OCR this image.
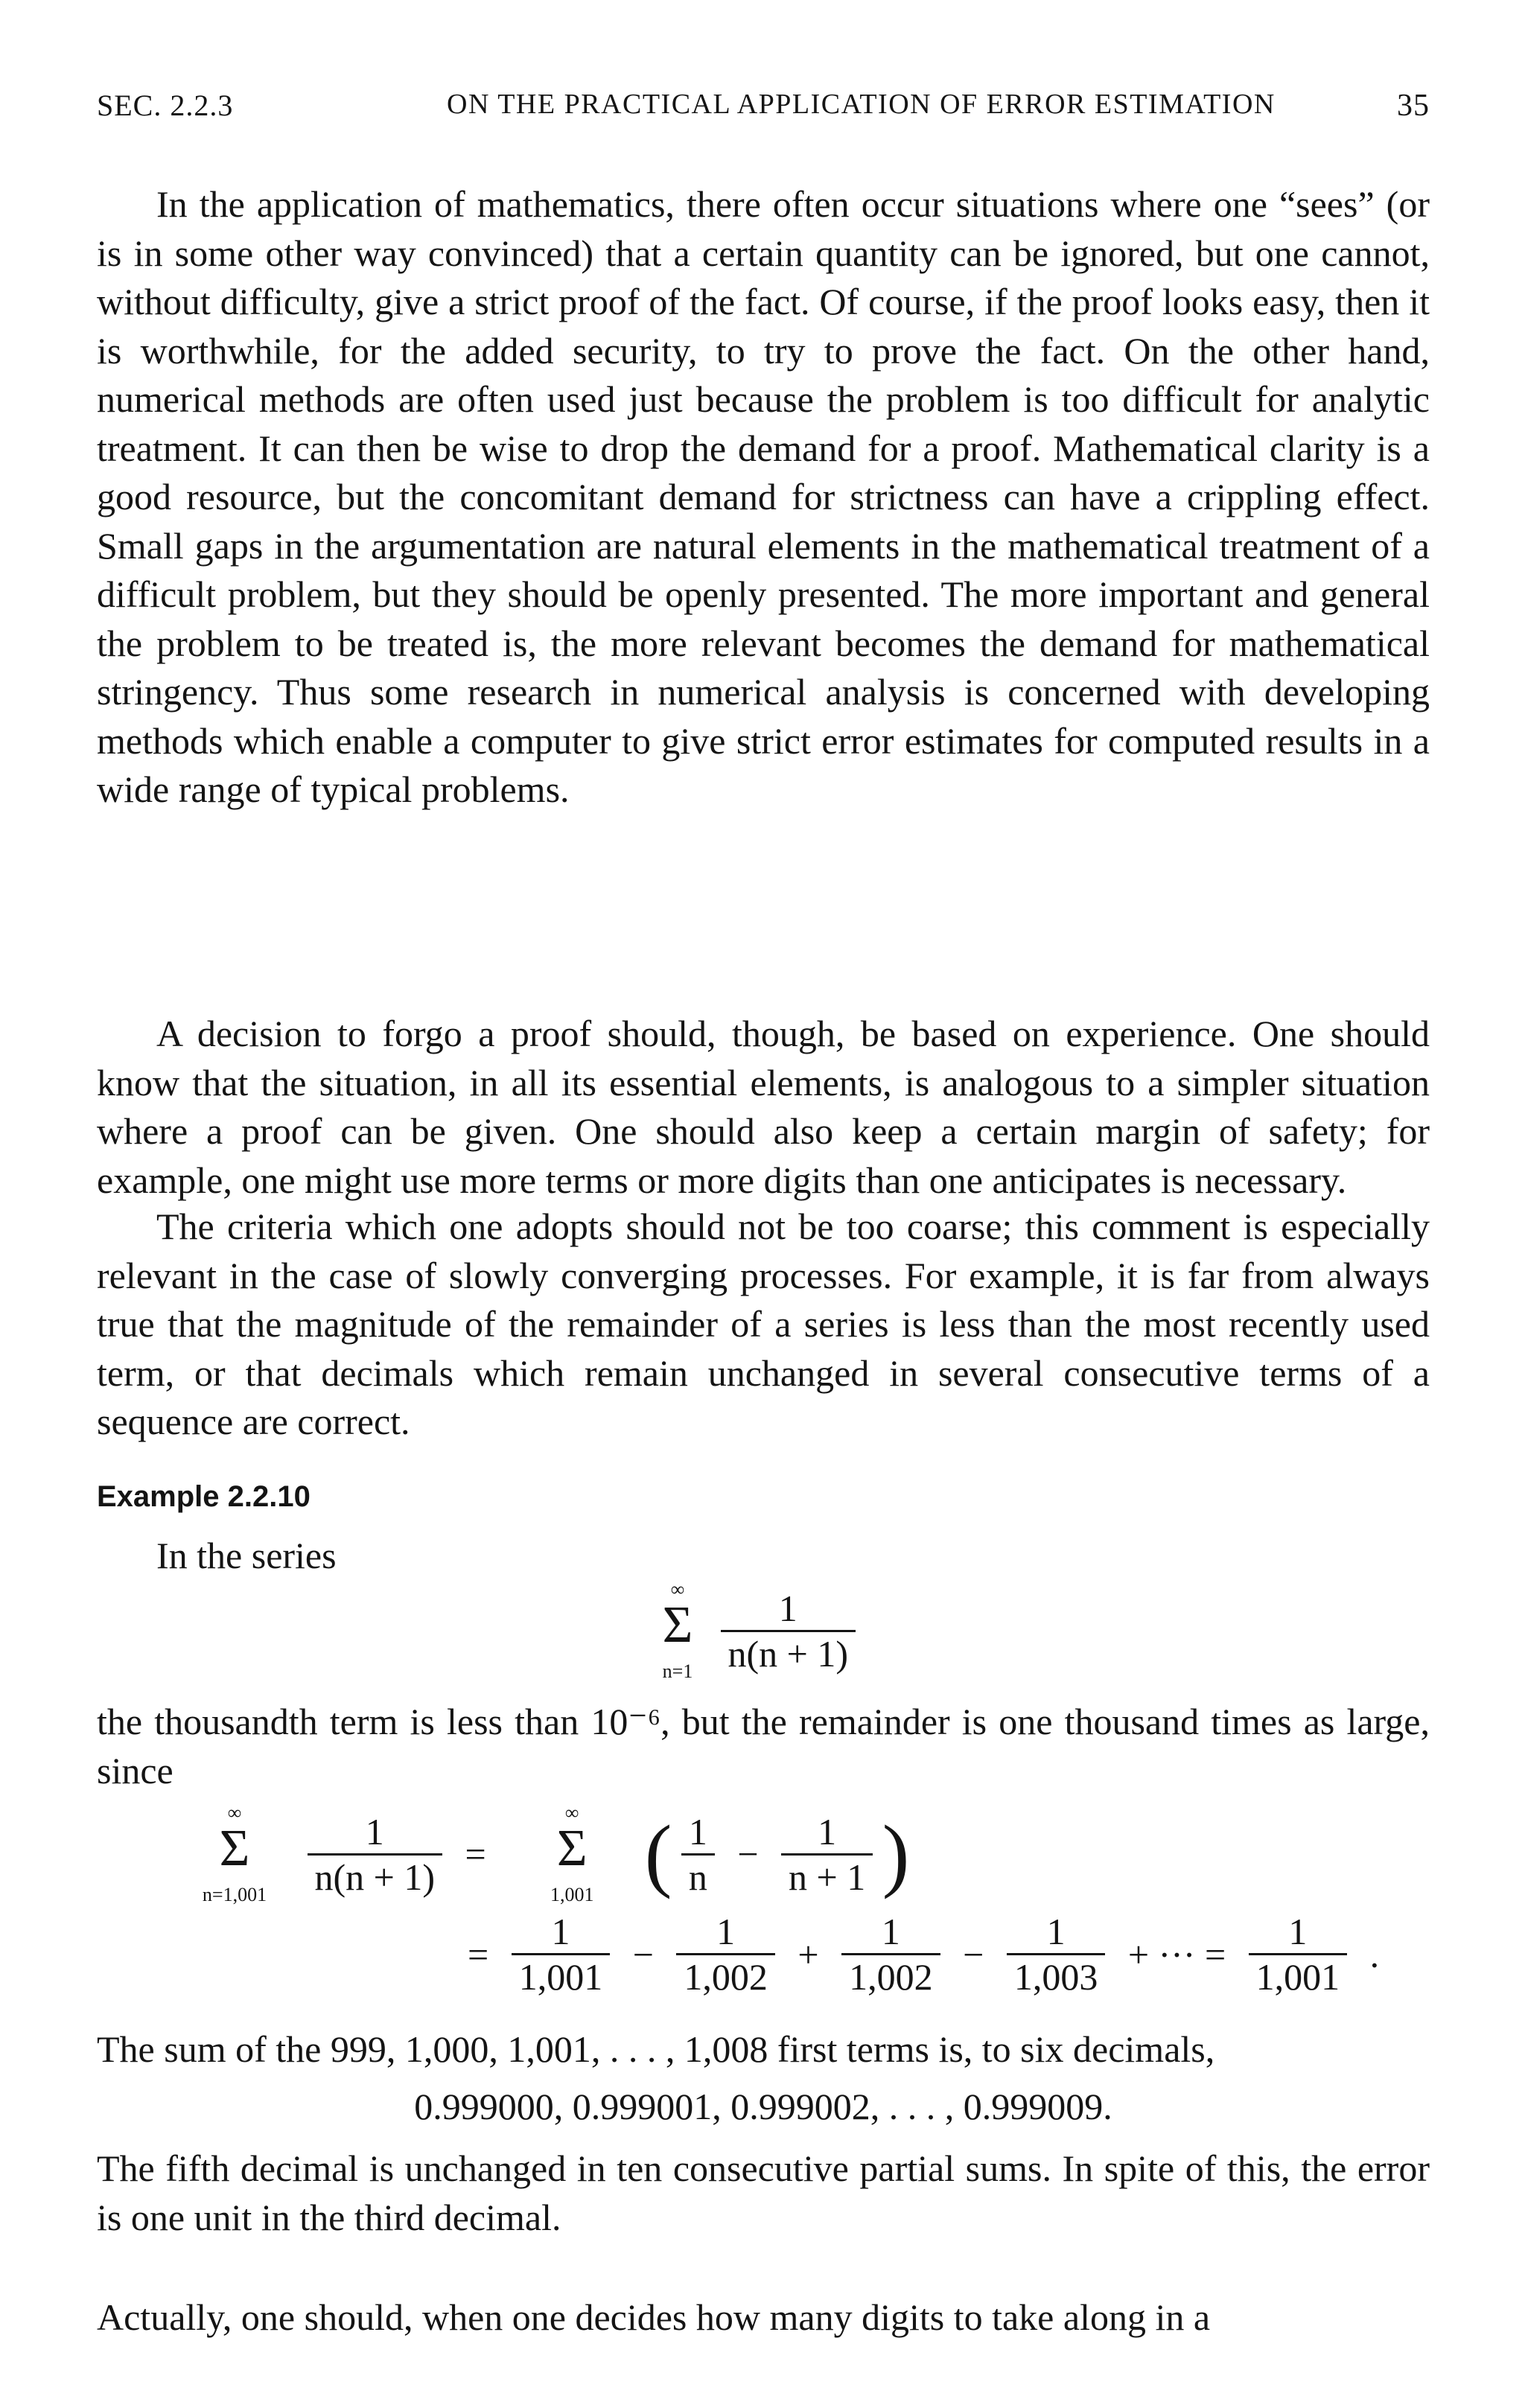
SEC. 2.2.3	ON THE PRACTICAL APPLICATION OF ERROR ESTIMATION	35

In the application of mathematics, there often occur situations where one “sees” (or is in some other way convinced) that a certain quantity can be ignored, but one cannot, without difficulty, give a strict proof of the fact. Of course, if the proof looks easy, then it is worthwhile, for the added security, to try to prove the fact. On the other hand, numerical methods are often used just because the problem is too difficult for analytic treatment. It can then be wise to drop the demand for a proof. Mathematical clarity is a good resource, but the concomitant demand for strictness can have a crippling effect. Small gaps in the argumentation are natural elements in the mathematical treatment of a difficult problem, but they should be openly presented. The more important and general the problem to be treated is, the more relevant becomes the demand for mathematical stringency. Thus some research in numerical analysis is concerned with developing methods which enable a computer to give strict error estimates for computed results in a wide range of typical problems.

A decision to forgo a proof should, though, be based on experience. One should know that the situation, in all its essential elements, is analogous to a simpler situation where a proof can be given. One should also keep a certain margin of safety; for example, one might use more terms or more digits than one anticipates is necessary.

The criteria which one adopts should not be too coarse; this comment is especially relevant in the case of slowly converging processes. For example, it is far from always true that the magnitude of the remainder of a series is less than the most recently used term, or that decimals which remain unchanged in several consecutive terms of a sequence are correct.

Example 2.2.10
In the series
∞
Σ
n=1
$\frac{1}{n(n + 1)}$
the thousandth term is less than 10⁻⁶, but the remainder is one thousand times as large, since
∞
Σ
n=1,001
	$\frac{1}{n(n + 1)}$ =
∞
Σ
1,001 ( $\frac{1}{n} - \frac{1}{n + 1}$ )
= $\frac{1}{1,001} - \frac{1}{1,002} + \frac{1}{1,002} - \frac{1}{1,003}$ + ··· = $\frac{1}{1,001}$ .
The sum of the 999, 1,000, 1,001, . . . , 1,008 first terms is, to six decimals,
0.999000, 0.999001, 0.999002, . . . , 0.999009.
The fifth decimal is unchanged in ten consecutive partial sums. In spite of this, the error is one unit in the third decimal.
Actually, one should, when one decides how many digits to take along in a
